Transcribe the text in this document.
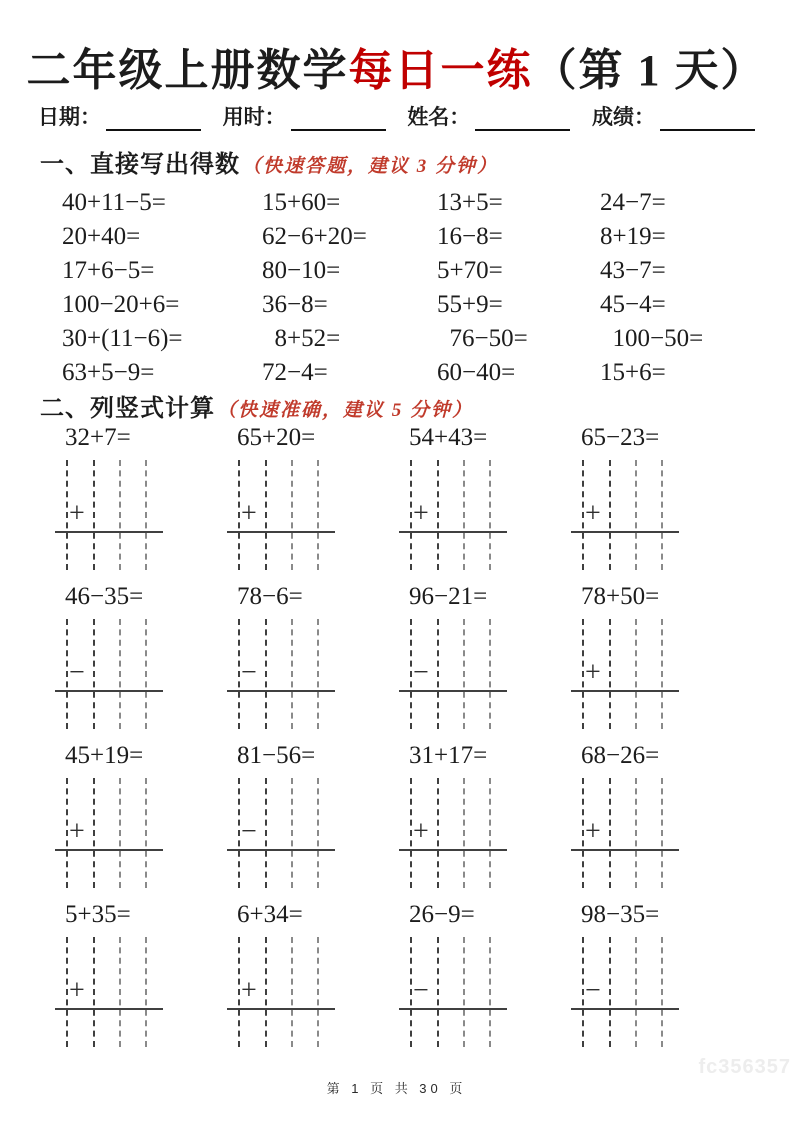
二年级上册数学每日一练（第 1 天）
日期：	用时：	姓名：	成绩：
一、直接写出得数 （快速答题，建议 3 分钟）
40+11−5=	15+60=	13+5=	24−7=
20+40=	62−6+20=	16−8=	8+19=
17+6−5=	80−10=	5+70=	43−7=
100−20+6=	36−8=	55+9=	45−4=
30+(11−6)=	8+52=	76−50=	100−50=
63+5−9=	72−4=	60−40=	15+6=
二、列竖式计算 （快速准确，建议 5 分钟）
32+7=
+
65+20=
+
54+43=
+
65−23=
+
46−35=
−
78−6=
−
96−21=
−
78+50=
+
45+19=
+
81−56=
−
31+17=
+
68−26=
+
5+35=
+
6+34=
+
26−9=
−
98−35=
−
第 1 页 共 30 页
fc356357
